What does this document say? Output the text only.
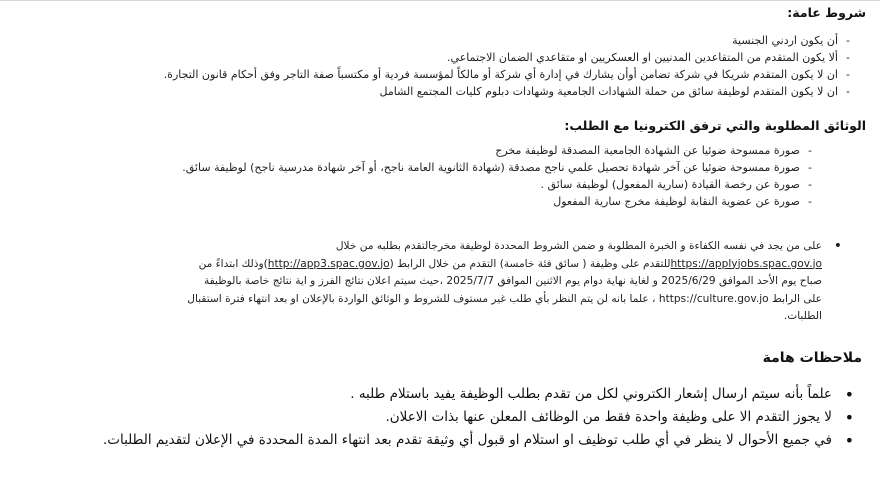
شروط عامة:
-أن يكون اردني الجنسية
-ألا يكون المتقدم من المتقاعدين المدنيين او العسكريين او متقاعدي الضمان الاجتماعي.
-ان لا يكون المتقدم شريكا في شركة تضامن أوأن يشارك في إدارة أي شركة أو مالكاً لمؤسسة فردية أو مكتسباً صفة التاجر وفق أحكام قانون التجارة.
-ان لا يكون المتقدم لوظيفة سائق من حملة الشهادات الجامعية وشهادات دبلوم كليات المجتمع الشامل
الوثائق المطلوبة والتي ترفق الكترونيا مع الطلب:
-صورة ممسوحة ضوئيا عن الشهادة الجامعية المصدقة لوظيفة مخرج
-صورة ممسوحة ضوئيا عن آخر شهادة تحصيل علمي ناجح مصدقة (شهادة الثانوية العامة ناجح، أو آخر شهادة مدرسية ناجح) لوظيفة سائق.
-صورة عن رخصة القيادة (سارية المفعول) لوظيفة سائق .
-صورة عن عضوية النقابة لوظيفة مخرج سارية المفعول
•
على من يجد في نفسه الكفاءة و الخبرة المطلوبة و ضمن الشروط المحددة لوظيفة مخرجالتقدم بطلبه من خلال
https://applyjobs.spac.gov.joللتقدم على وظيفة ( سائق فئة خامسة) التقدم من خلال الرابط (http://app3.spac.gov.jo)وذلك ابتداءً من
صباح يوم الأحد الموافق 2025/6/29 و لغاية نهاية دوام يوم الاثنين الموافق 2025/7/7 ،حيث سيتم اعلان نتائج الفرز و اية نتائج خاصة بالوظيفة
على الرابط https://culture.gov.jo ، علما بانه لن يتم النظر بأي طلب غير مستوف للشروط و الوثائق الواردة بالإعلان او بعد انتهاء فترة استقبال
الطلبات.
ملاحظات هامة
•
علماً بأنه سيتم ارسال إشعار الكتروني لكل من تقدم بطلب الوظيفة يفيد باستلام طلبه .
•
لا يجوز التقدم الا على وظيفة واحدة فقط من الوظائف المعلن عنها بذات الاعلان.
•
في جميع الأحوال لا ينظر في أي طلب توظيف او استلام او قبول أي وثيقة تقدم بعد انتهاء المدة المحددة في الإعلان لتقديم الطلبات.
